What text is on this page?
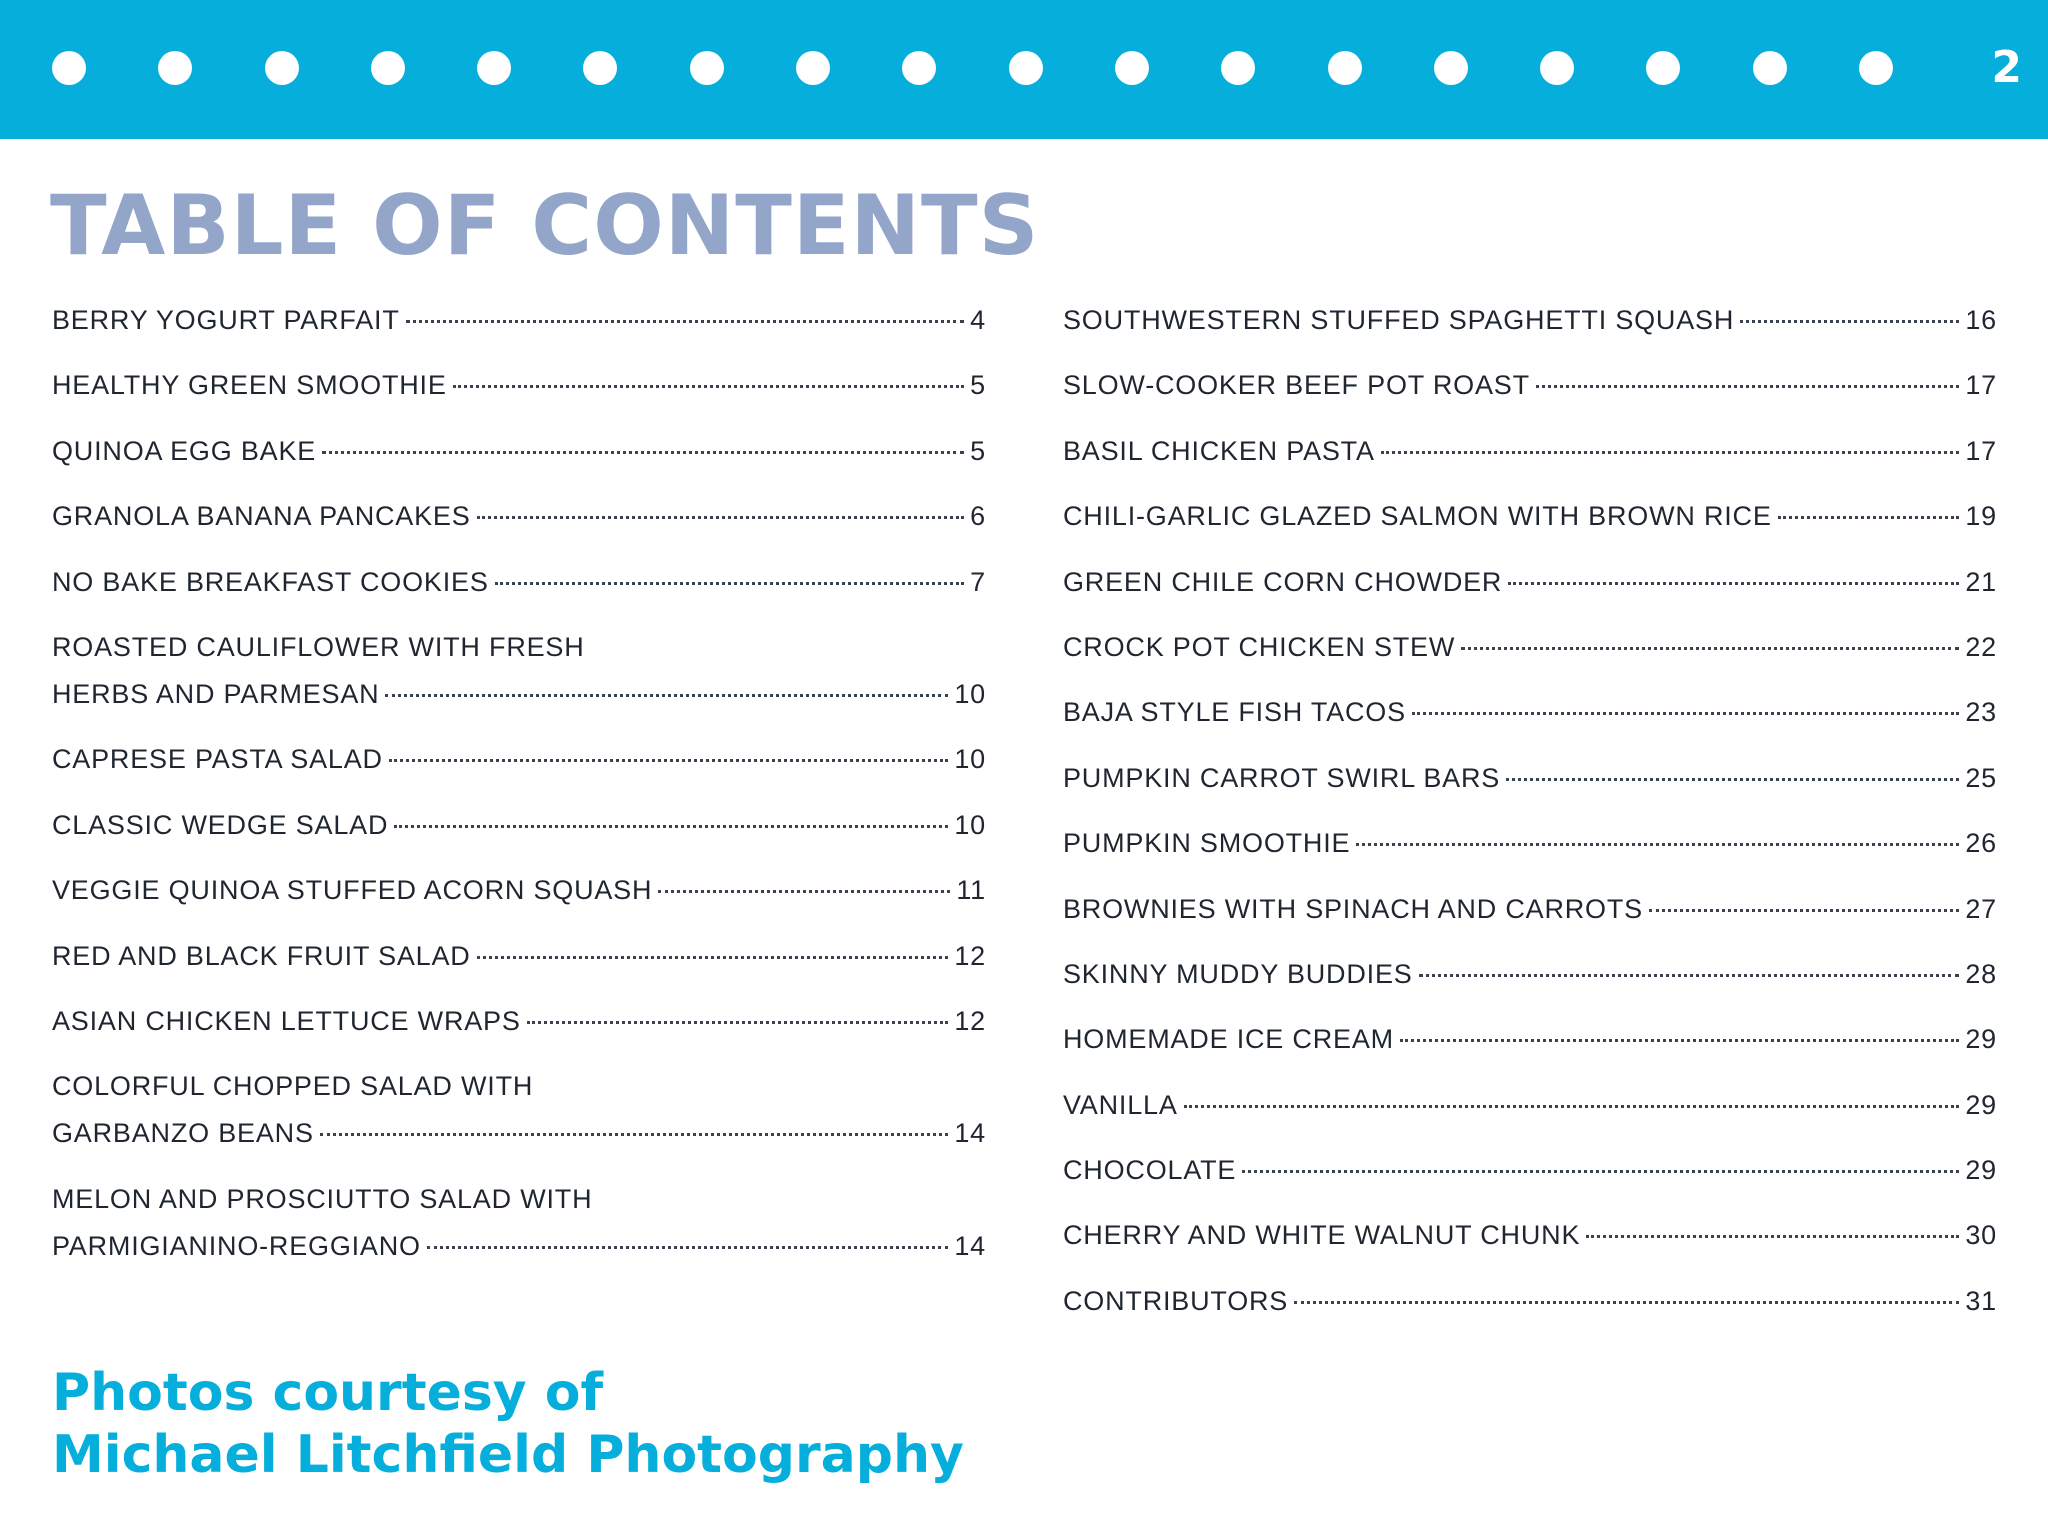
2
TABLE OF CONTENTS
BERRY YOGURT PARFAIT	4
HEALTHY GREEN SMOOTHIE	5
QUINOA EGG BAKE	5
GRANOLA BANANA PANCAKES	6
NO BAKE BREAKFAST COOKIES	7
ROASTED CAULIFLOWER WITH FRESH
HERBS AND PARMESAN	10
CAPRESE PASTA SALAD	10
CLASSIC WEDGE SALAD	10
VEGGIE QUINOA STUFFED ACORN SQUASH	11
RED AND BLACK FRUIT SALAD	12
ASIAN CHICKEN LETTUCE WRAPS	12
COLORFUL CHOPPED SALAD WITH
GARBANZO BEANS	14
MELON AND PROSCIUTTO SALAD WITH
PARMIGIANINO-REGGIANO	14
SOUTHWESTERN STUFFED SPAGHETTI SQUASH	16
SLOW-COOKER BEEF POT ROAST	17
BASIL CHICKEN PASTA	17
CHILI-GARLIC GLAZED SALMON WITH BROWN RICE	19
GREEN CHILE CORN CHOWDER	21
CROCK POT CHICKEN STEW	22
BAJA STYLE FISH TACOS	23
PUMPKIN CARROT SWIRL BARS	25
PUMPKIN SMOOTHIE	26
BROWNIES WITH SPINACH AND CARROTS	27
SKINNY MUDDY BUDDIES	28
HOMEMADE ICE CREAM	29
VANILLA	29
CHOCOLATE	29
CHERRY AND WHITE WALNUT CHUNK	30
CONTRIBUTORS	31
Photos courtesy of
Michael Litchfield Photography
